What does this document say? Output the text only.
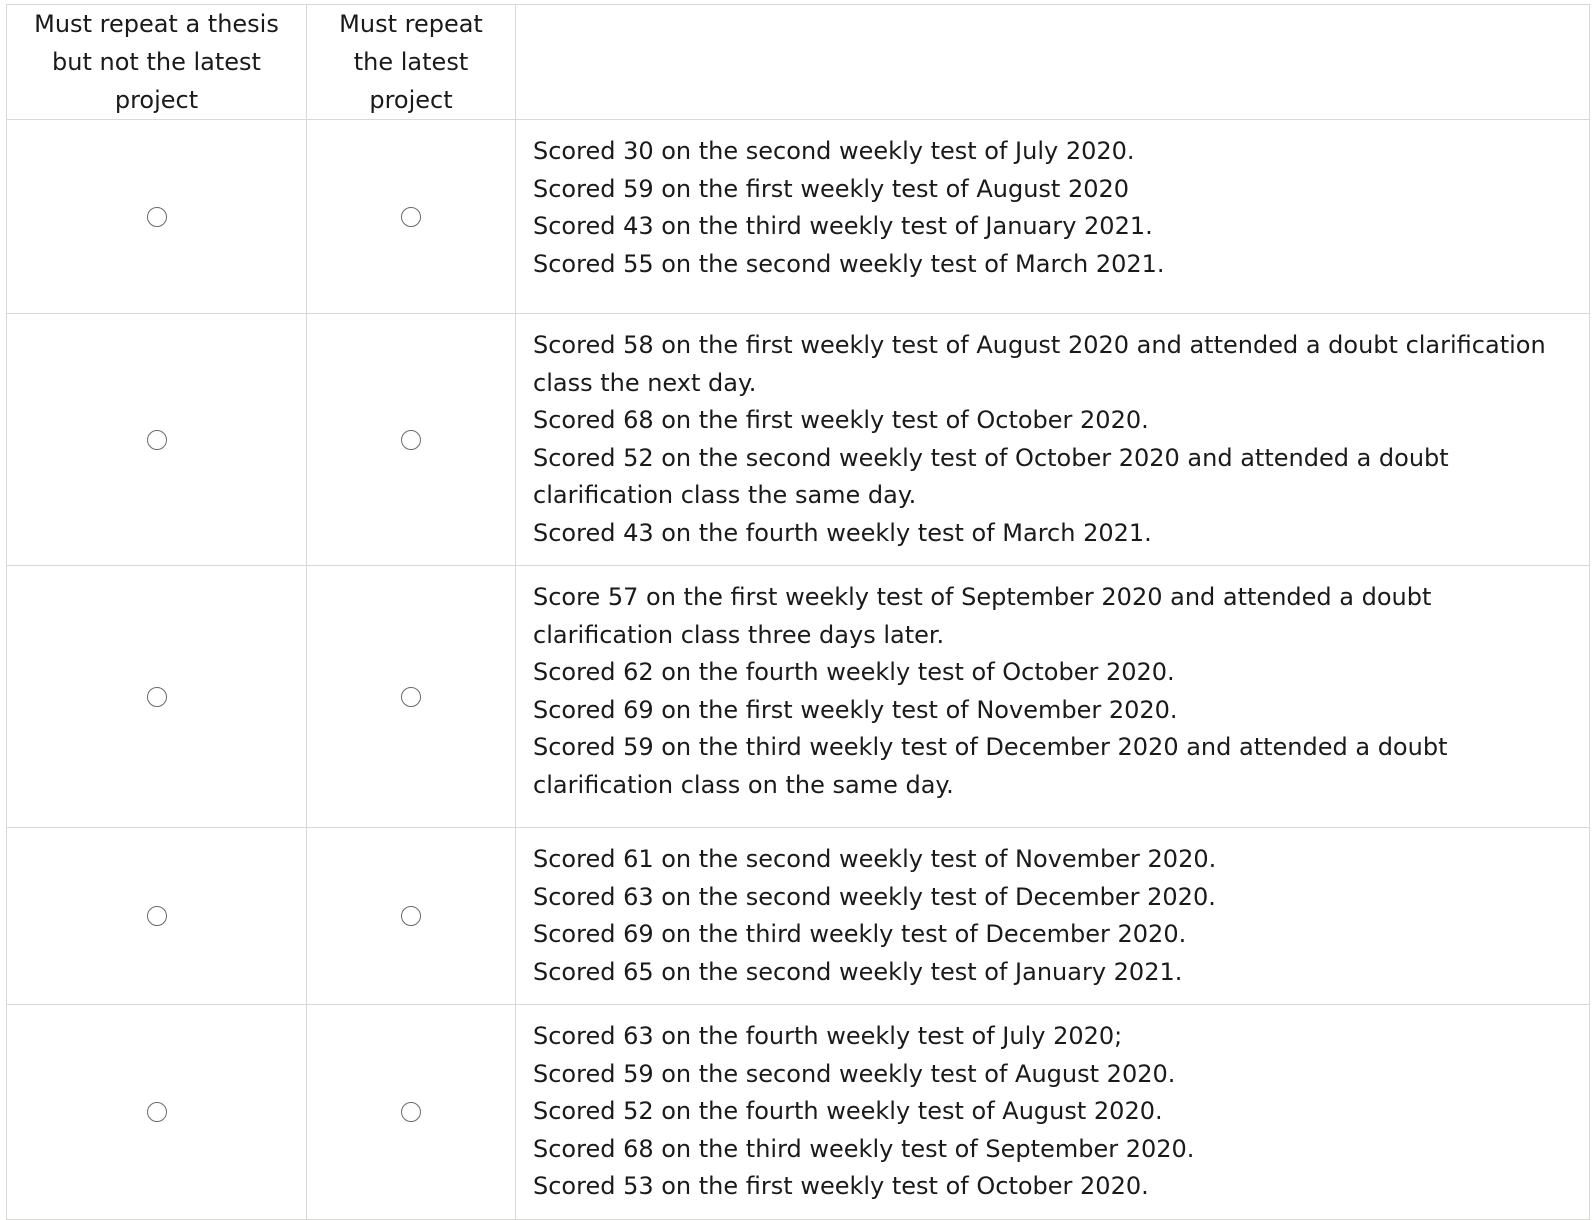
Must repeat a thesis but not the latest project	Must repeat the latest project	

		Scored 30 on the second weekly test of July 2020.
Scored 59 on the first weekly test of August 2020
Scored 43 on the third weekly test of January 2021.
Scored 55 on the second weekly test of March 2021.

		Scored 58 on the first weekly test of August 2020 and attended a doubt clarification class the next day.
Scored 68 on the first weekly test of October 2020.
Scored 52 on the second weekly test of October 2020 and attended a doubt clarification class the same day.
Scored 43 on the fourth weekly test of March 2021.

		Score 57 on the first weekly test of September 2020 and attended a doubt clarification class three days later.
Scored 62 on the fourth weekly test of October 2020.
Scored 69 on the first weekly test of November 2020.
Scored 59 on the third weekly test of December 2020 and attended a doubt clarification class on the same day.

		Scored 61 on the second weekly test of November 2020.
Scored 63 on the second weekly test of December 2020.
Scored 69 on the third weekly test of December 2020.
Scored 65 on the second weekly test of January 2021.

		Scored 63 on the fourth weekly test of July 2020;
Scored 59 on the second weekly test of August 2020.
Scored 52 on the fourth weekly test of August 2020.
Scored 68 on the third weekly test of September 2020.
Scored 53 on the first weekly test of October 2020.
